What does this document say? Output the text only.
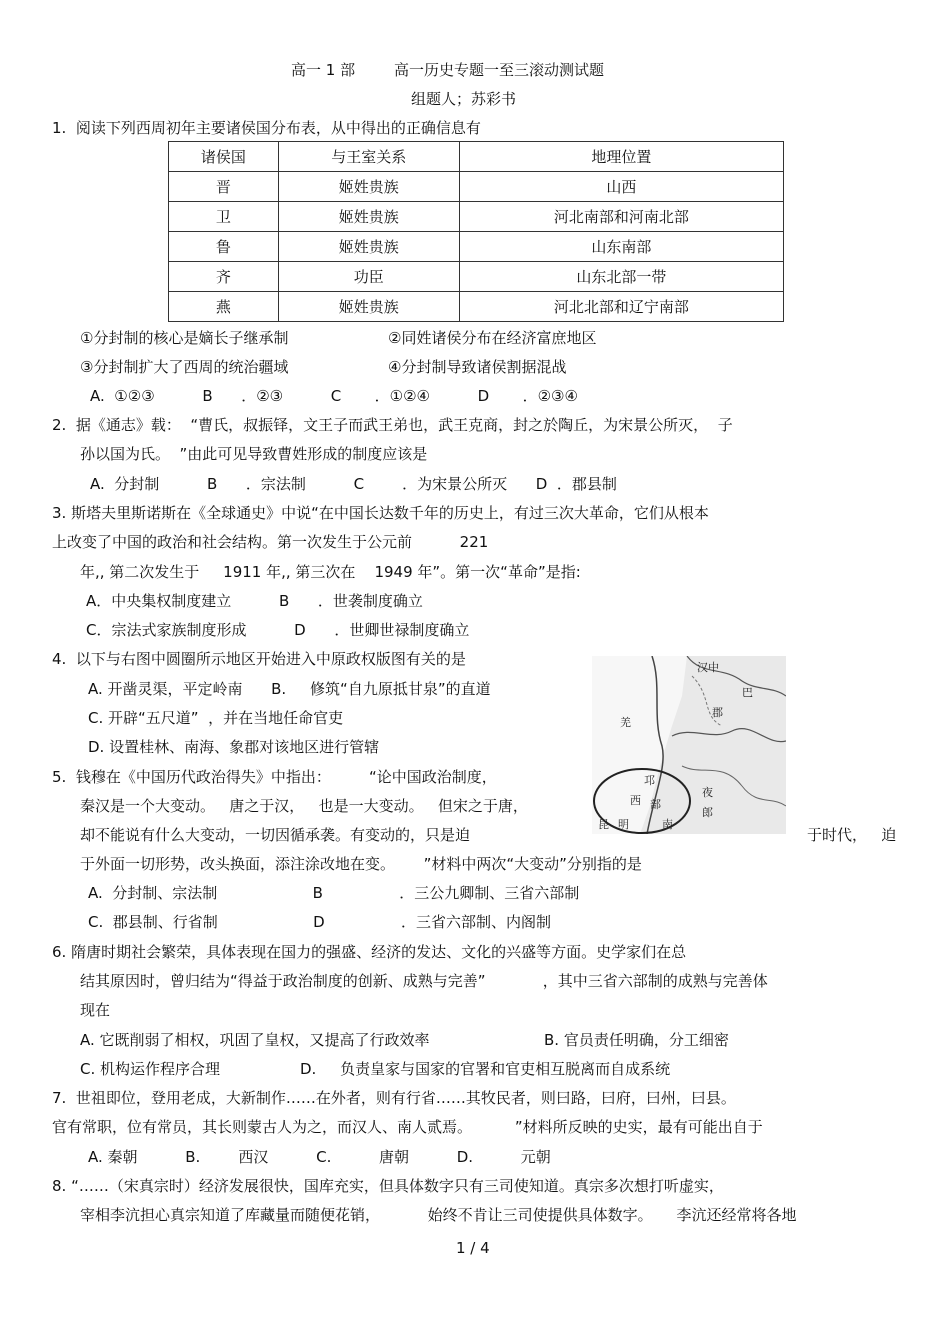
高一 1 部	高一历史专题一至三滚动测试题
组题人；苏彩书
1.  阅读下列西周初年主要诸侯国分布表，从中得出的正确信息有
诸侯国	与王室关系	地理位置
晋	姬姓贵族	山西
卫	姬姓贵族	河北南部和河南北部
鲁	姬姓贵族	山东南部
齐	功臣	山东北部一带
燕	姬姓贵族	河北北部和辽宁南部
①分封制的核心是嫡长子继承制	②同姓诸侯分布在经济富庶地区
③分封制扩大了西周的统治疆域	④分封制导致诸侯割据混战
A.  ①②③          B      ．②③          C       ．①②④          D       ．②③④
2.  据《通志》载：  “曹氏，叔振铎，文王子而武王弟也，武王克商，封之於陶丘，为宋景公所灭，  子
孙以国为氏。  ”由此可见导致曹姓形成的制度应该是
A.  分封制          B      ．宗法制          C        ．为宋景公所灭      D  ．郡县制
3. 斯塔夫里斯诺斯在《全球通史》中说“在中国长达数千年的历史上，有过三次大革命，它们从根本
上改变了中国的政治和社会结构。第一次发生于公元前          221
年,, 第二次发生于     1911 年,, 第三次在    1949 年”。第一次“革命”是指:
A．中央集权制度建立          B      ．世袭制度确立
C．宗法式家族制度形成          D      ．世卿世禄制度确立
4.  以下与右图中圆圈所示地区开始进入中原政权版图有关的是
A. 开凿灵渠，平定岭南      B.     修筑“自九原抵甘泉”的直道
C. 开辟“五尺道”  ，并在当地任命官吏
D. 设置桂林、南海、象郡对该地区进行管辖
汉中
巴
郡
羌
邛
西 部
南
昆 明
夜
郎
5.  钱穆在《中国历代政治得失》中指出：        “论中国政治制度，
秦汉是一个大变动。   唐之于汉，   也是一大变动。   但宋之于唐，
却不能说有什么大变动，一切因循承袭。有变动的，只是迫	于时代，   迫
于外面一切形势，改头换面，添注涂改地在变。      ”材料中两次“大变动”分别指的是
A.  分封制、宗法制                    B                ．三公九卿制、三省六部制
C.  郡县制、行省制                    D                ．三省六部制、内阁制
6. 隋唐时期社会繁荣，具体表现在国力的强盛、经济的发达、文化的兴盛等方面。史学家们在总
结其原因时，曾归结为“得益于政治制度的创新、成熟与完善”            ，其中三省六部制的成熟与完善体
现在
A. 它既削弱了相权，巩固了皇权，又提高了行政效率	B. 官员责任明确，分工细密
C. 机构运作程序合理	D.     负责皇家与国家的官署和官吏相互脱离而自成系统
7.  世祖即位，登用老成，大新制作……在外者，则有行省……其牧民者，则曰路，曰府，曰州，曰县。
官有常职，位有常员，其长则蒙古人为之，而汉人、南人贰焉。         ”材料所反映的史实，最有可能出自于
A. 秦朝          B.        西汉          C.          唐朝          D.          元朝
8. “……（宋真宗时）经济发展很快，国库充实，但具体数字只有三司使知道。真宗多次想打听虚实，
宰相李沆担心真宗知道了库藏量而随便花销，          始终不肯让三司使提供具体数字。     李沆还经常将各地
1 / 4
